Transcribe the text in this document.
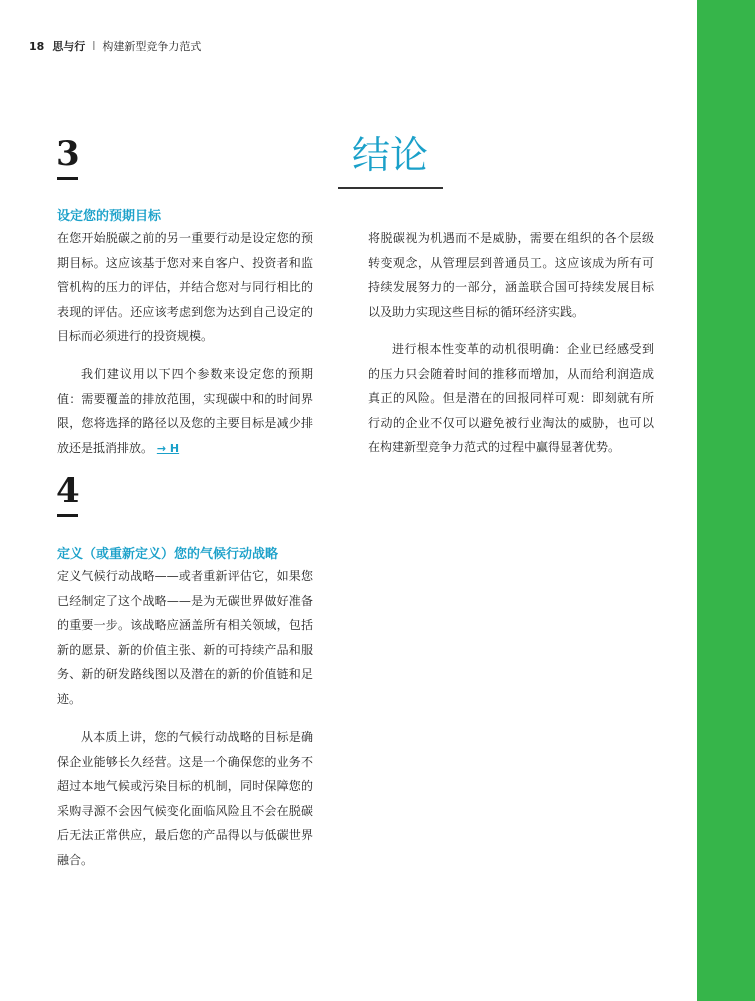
18 思与行 | 构建新型竞争力范式
3
设定您的预期目标

在您开始脱碳之前的另一重要行动是设定您的预期目标。这应该基于您对来自客户、投资者和监管机构的压力的评估，并结合您对与同行相比的表现的评估。还应该考虑到您为达到自己设定的目标而必须进行的投资规模。

我们建议用以下四个参数来设定您的预期值：需要覆盖的排放范围，实现碳中和的时间界限，您将选择的路径以及您的主要目标是减少排放还是抵消排放。 → H

4
定义（或重新定义）您的气候行动战略

定义气候行动战略——或者重新评估它，如果您已经制定了这个战略——是为无碳世界做好准备的重要一步。该战略应涵盖所有相关领域，包括新的愿景、新的价值主张、新的可持续产品和服务、新的研发路线图以及潜在的新的价值链和足迹。

从本质上讲，您的气候行动战略的目标是确保企业能够长久经营。这是一个确保您的业务不超过本地气候或污染目标的机制，同时保障您的采购寻源不会因气候变化面临风险且不会在脱碳后无法正常供应，最后您的产品得以与低碳世界融合。

结论

将脱碳视为机遇而不是威胁，需要在组织的各个层级转变观念，从管理层到普通员工。这应该成为所有可持续发展努力的一部分，涵盖联合国可持续发展目标以及助力实现这些目标的循环经济实践。

进行根本性变革的动机很明确：企业已经感受到的压力只会随着时间的推移而增加，从而给利润造成真正的风险。但是潜在的回报同样可观：即刻就有所行动的企业不仅可以避免被行业淘汰的威胁，也可以在构建新型竞争力范式的过程中赢得显著优势。
